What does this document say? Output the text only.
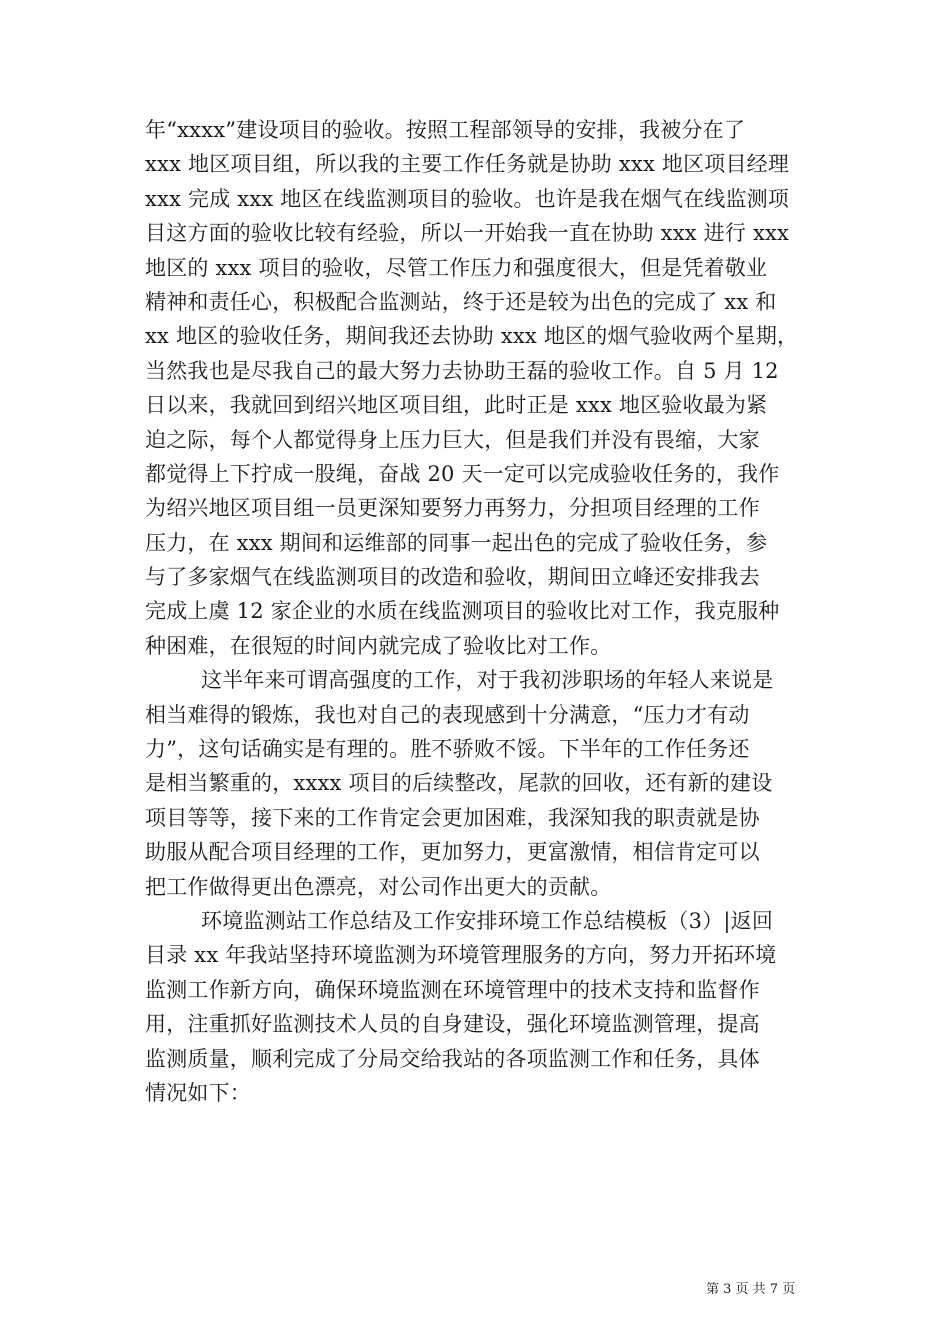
年“xxxx”建设项目的验收。按照工程部领导的安排，我被分在了
xxx 地区项目组，所以我的主要工作任务就是协助 xxx 地区项目经理
xxx 完成 xxx 地区在线监测项目的验收。也许是我在烟气在线监测项
目这方面的验收比较有经验，所以一开始我一直在协助 xxx 进行 xxx
地区的 xxx 项目的验收，尽管工作压力和强度很大，但是凭着敬业
精神和责任心，积极配合监测站，终于还是较为出色的完成了 xx 和
xx 地区的验收任务，期间我还去协助 xxx 地区的烟气验收两个星期，
当然我也是尽我自己的最大努力去协助王磊的验收工作。自 5 月 12
日以来，我就回到绍兴地区项目组，此时正是 xxx 地区验收最为紧
迫之际，每个人都觉得身上压力巨大，但是我们并没有畏缩，大家
都觉得上下拧成一股绳，奋战 20 天一定可以完成验收任务的，我作
为绍兴地区项目组一员更深知要努力再努力，分担项目经理的工作
压力，在 xxx 期间和运维部的同事一起出色的完成了验收任务，参
与了多家烟气在线监测项目的改造和验收，期间田立峰还安排我去
完成上虞 12 家企业的水质在线监测项目的验收比对工作，我克服种
种困难，在很短的时间内就完成了验收比对工作。
这半年来可谓高强度的工作，对于我初涉职场的年轻人来说是
相当难得的锻炼，我也对自己的表现感到十分满意，“压力才有动
力”，这句话确实是有理的。胜不骄败不馁。下半年的工作任务还
是相当繁重的，xxxx 项目的后续整改，尾款的回收，还有新的建设
项目等等，接下来的工作肯定会更加困难，我深知我的职责就是协
助服从配合项目经理的工作，更加努力，更富激情，相信肯定可以
把工作做得更出色漂亮，对公司作出更大的贡献。
环境监测站工作总结及工作安排环境工作总结模板（3）|返回
目录 xx 年我站坚持环境监测为环境管理服务的方向，努力开拓环境
监测工作新方向，确保环境监测在环境管理中的技术支持和监督作
用，注重抓好监测技术人员的自身建设，强化环境监测管理，提高
监测质量，顺利完成了分局交给我站的各项监测工作和任务，具体
情况如下：
第 3 页 共 7 页
